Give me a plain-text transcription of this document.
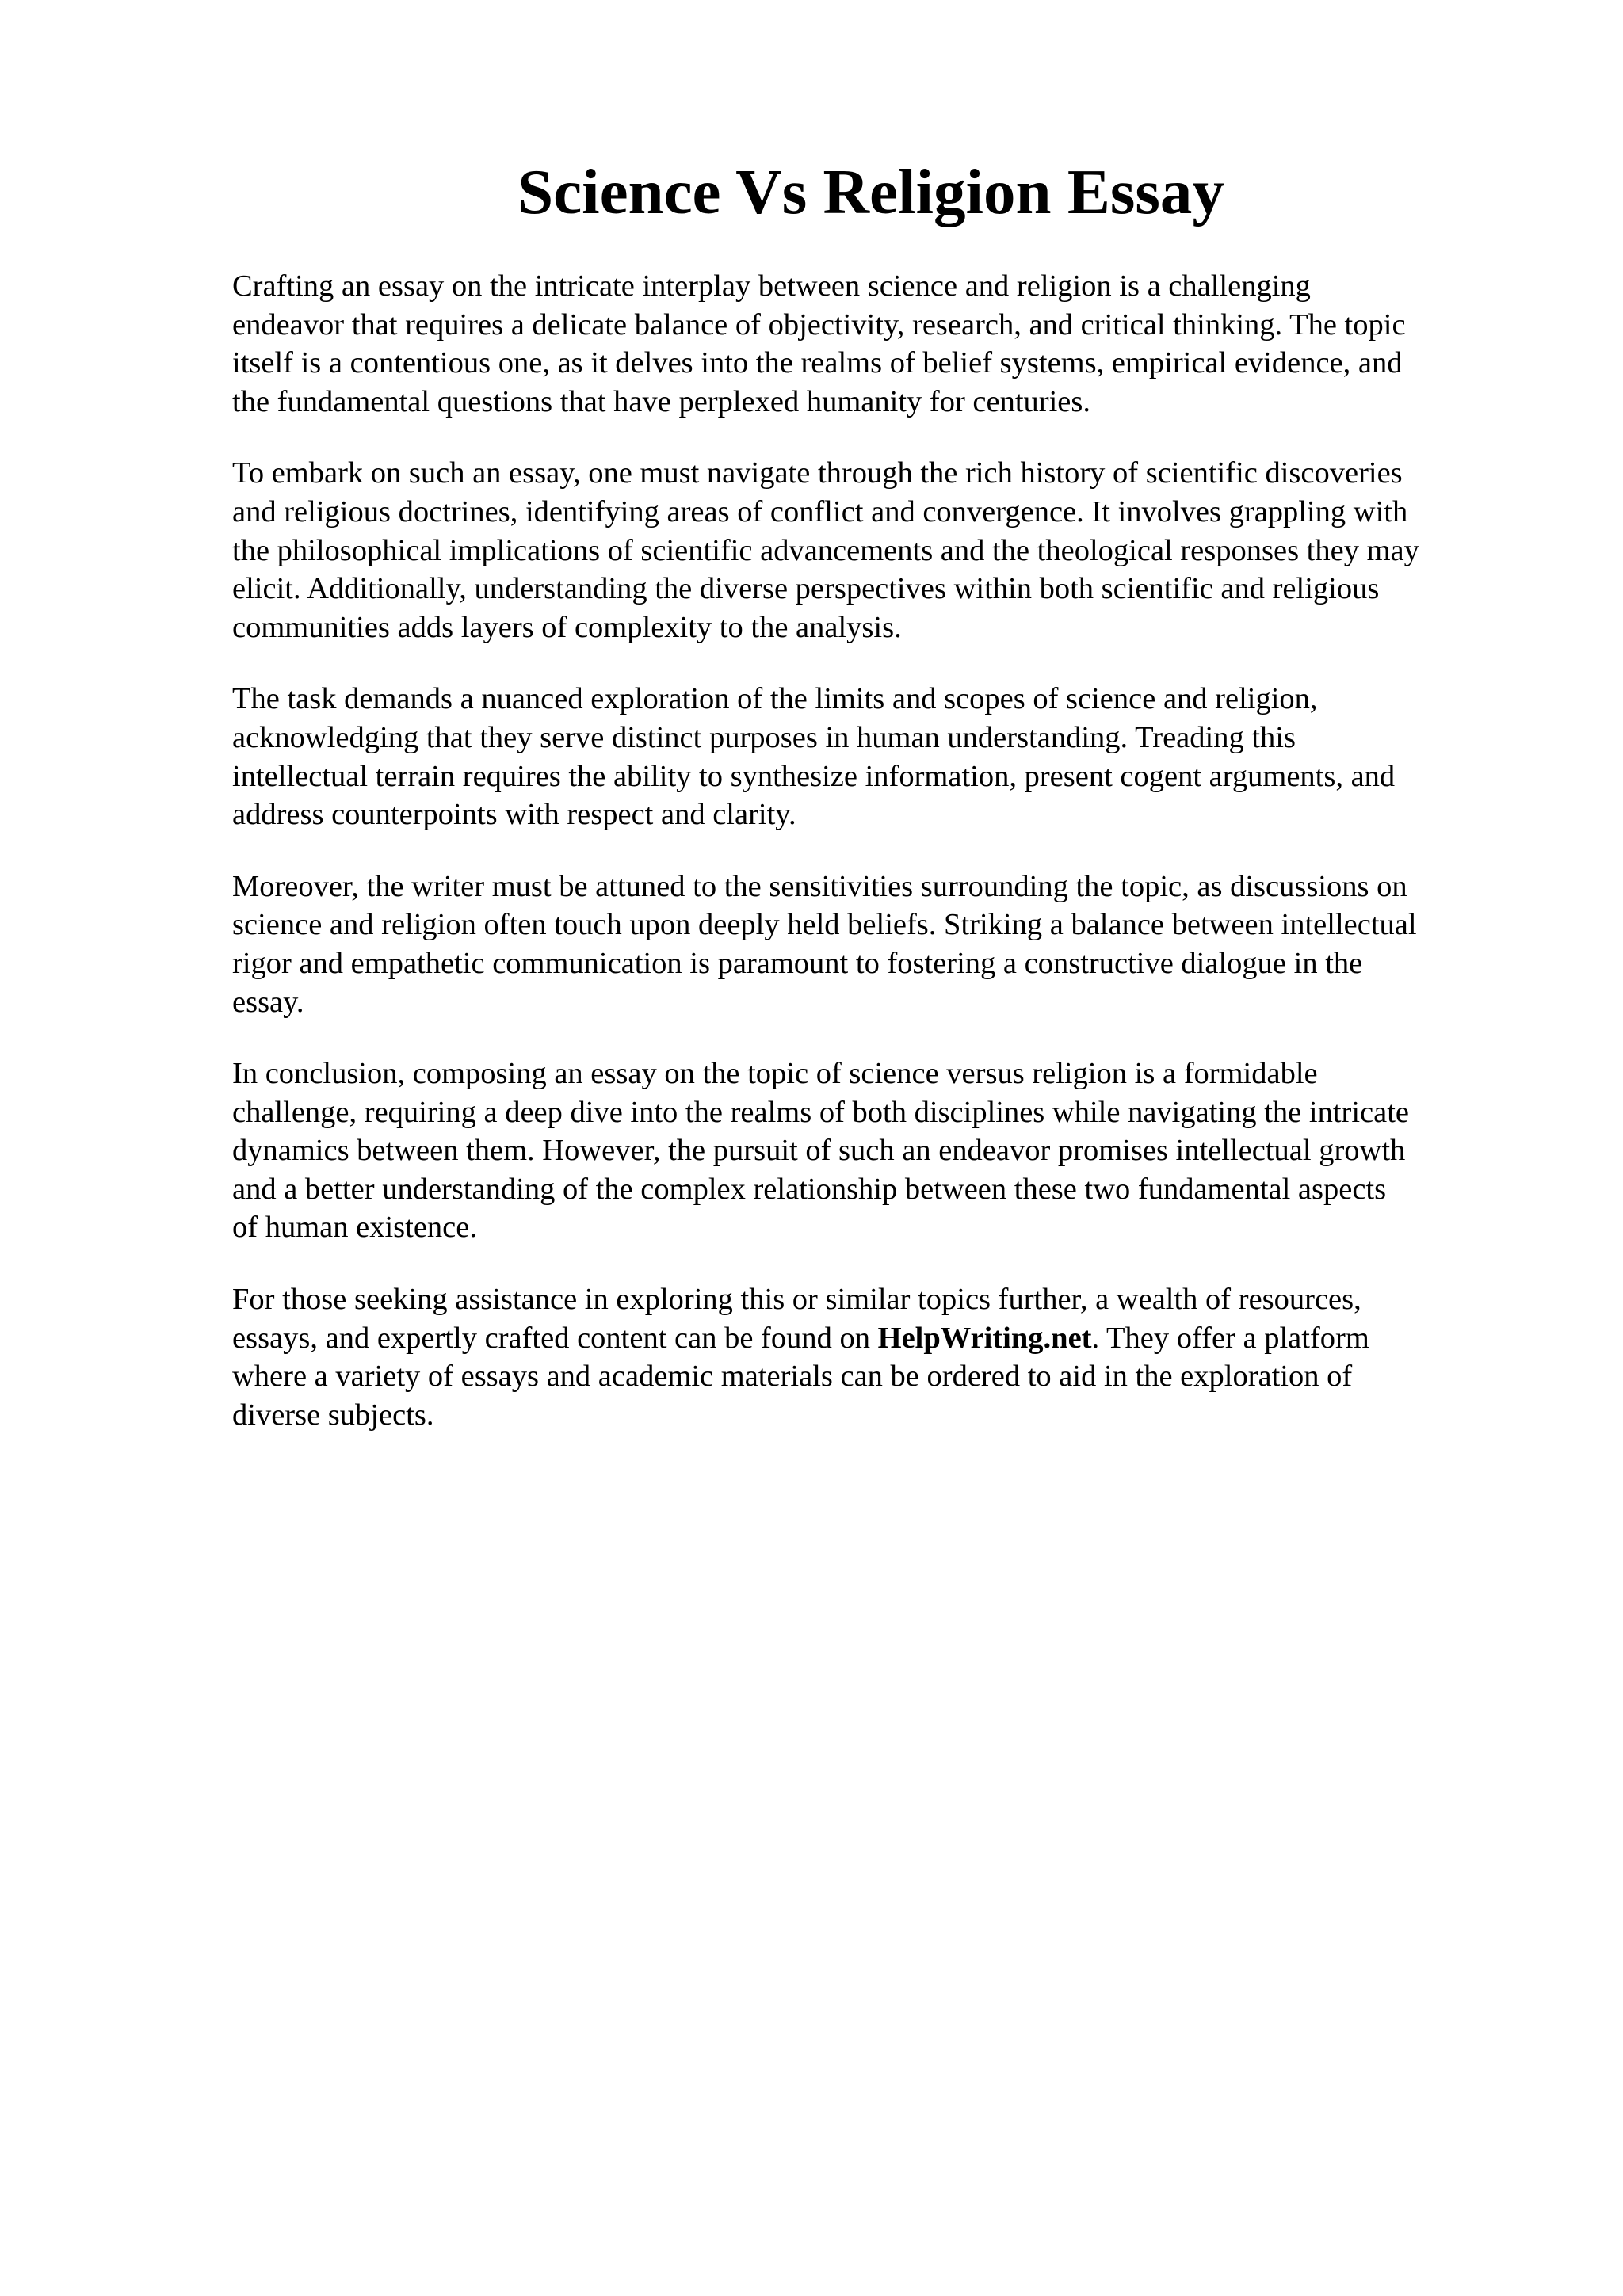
Science Vs Religion Essay

Crafting an essay on the intricate interplay between science and religion is a challenging
endeavor that requires a delicate balance of objectivity, research, and critical thinking. The topic
itself is a contentious one, as it delves into the realms of belief systems, empirical evidence, and
the fundamental questions that have perplexed humanity for centuries.

To embark on such an essay, one must navigate through the rich history of scientific discoveries
and religious doctrines, identifying areas of conflict and convergence. It involves grappling with
the philosophical implications of scientific advancements and the theological responses they may
elicit. Additionally, understanding the diverse perspectives within both scientific and religious
communities adds layers of complexity to the analysis.

The task demands a nuanced exploration of the limits and scopes of science and religion,
acknowledging that they serve distinct purposes in human understanding. Treading this
intellectual terrain requires the ability to synthesize information, present cogent arguments, and
address counterpoints with respect and clarity.

Moreover, the writer must be attuned to the sensitivities surrounding the topic, as discussions on
science and religion often touch upon deeply held beliefs. Striking a balance between intellectual
rigor and empathetic communication is paramount to fostering a constructive dialogue in the
essay.

In conclusion, composing an essay on the topic of science versus religion is a formidable
challenge, requiring a deep dive into the realms of both disciplines while navigating the intricate
dynamics between them. However, the pursuit of such an endeavor promises intellectual growth
and a better understanding of the complex relationship between these two fundamental aspects
of human existence.

For those seeking assistance in exploring this or similar topics further, a wealth of resources,
essays, and expertly crafted content can be found on HelpWriting.net. They offer a platform
where a variety of essays and academic materials can be ordered to aid in the exploration of
diverse subjects.
